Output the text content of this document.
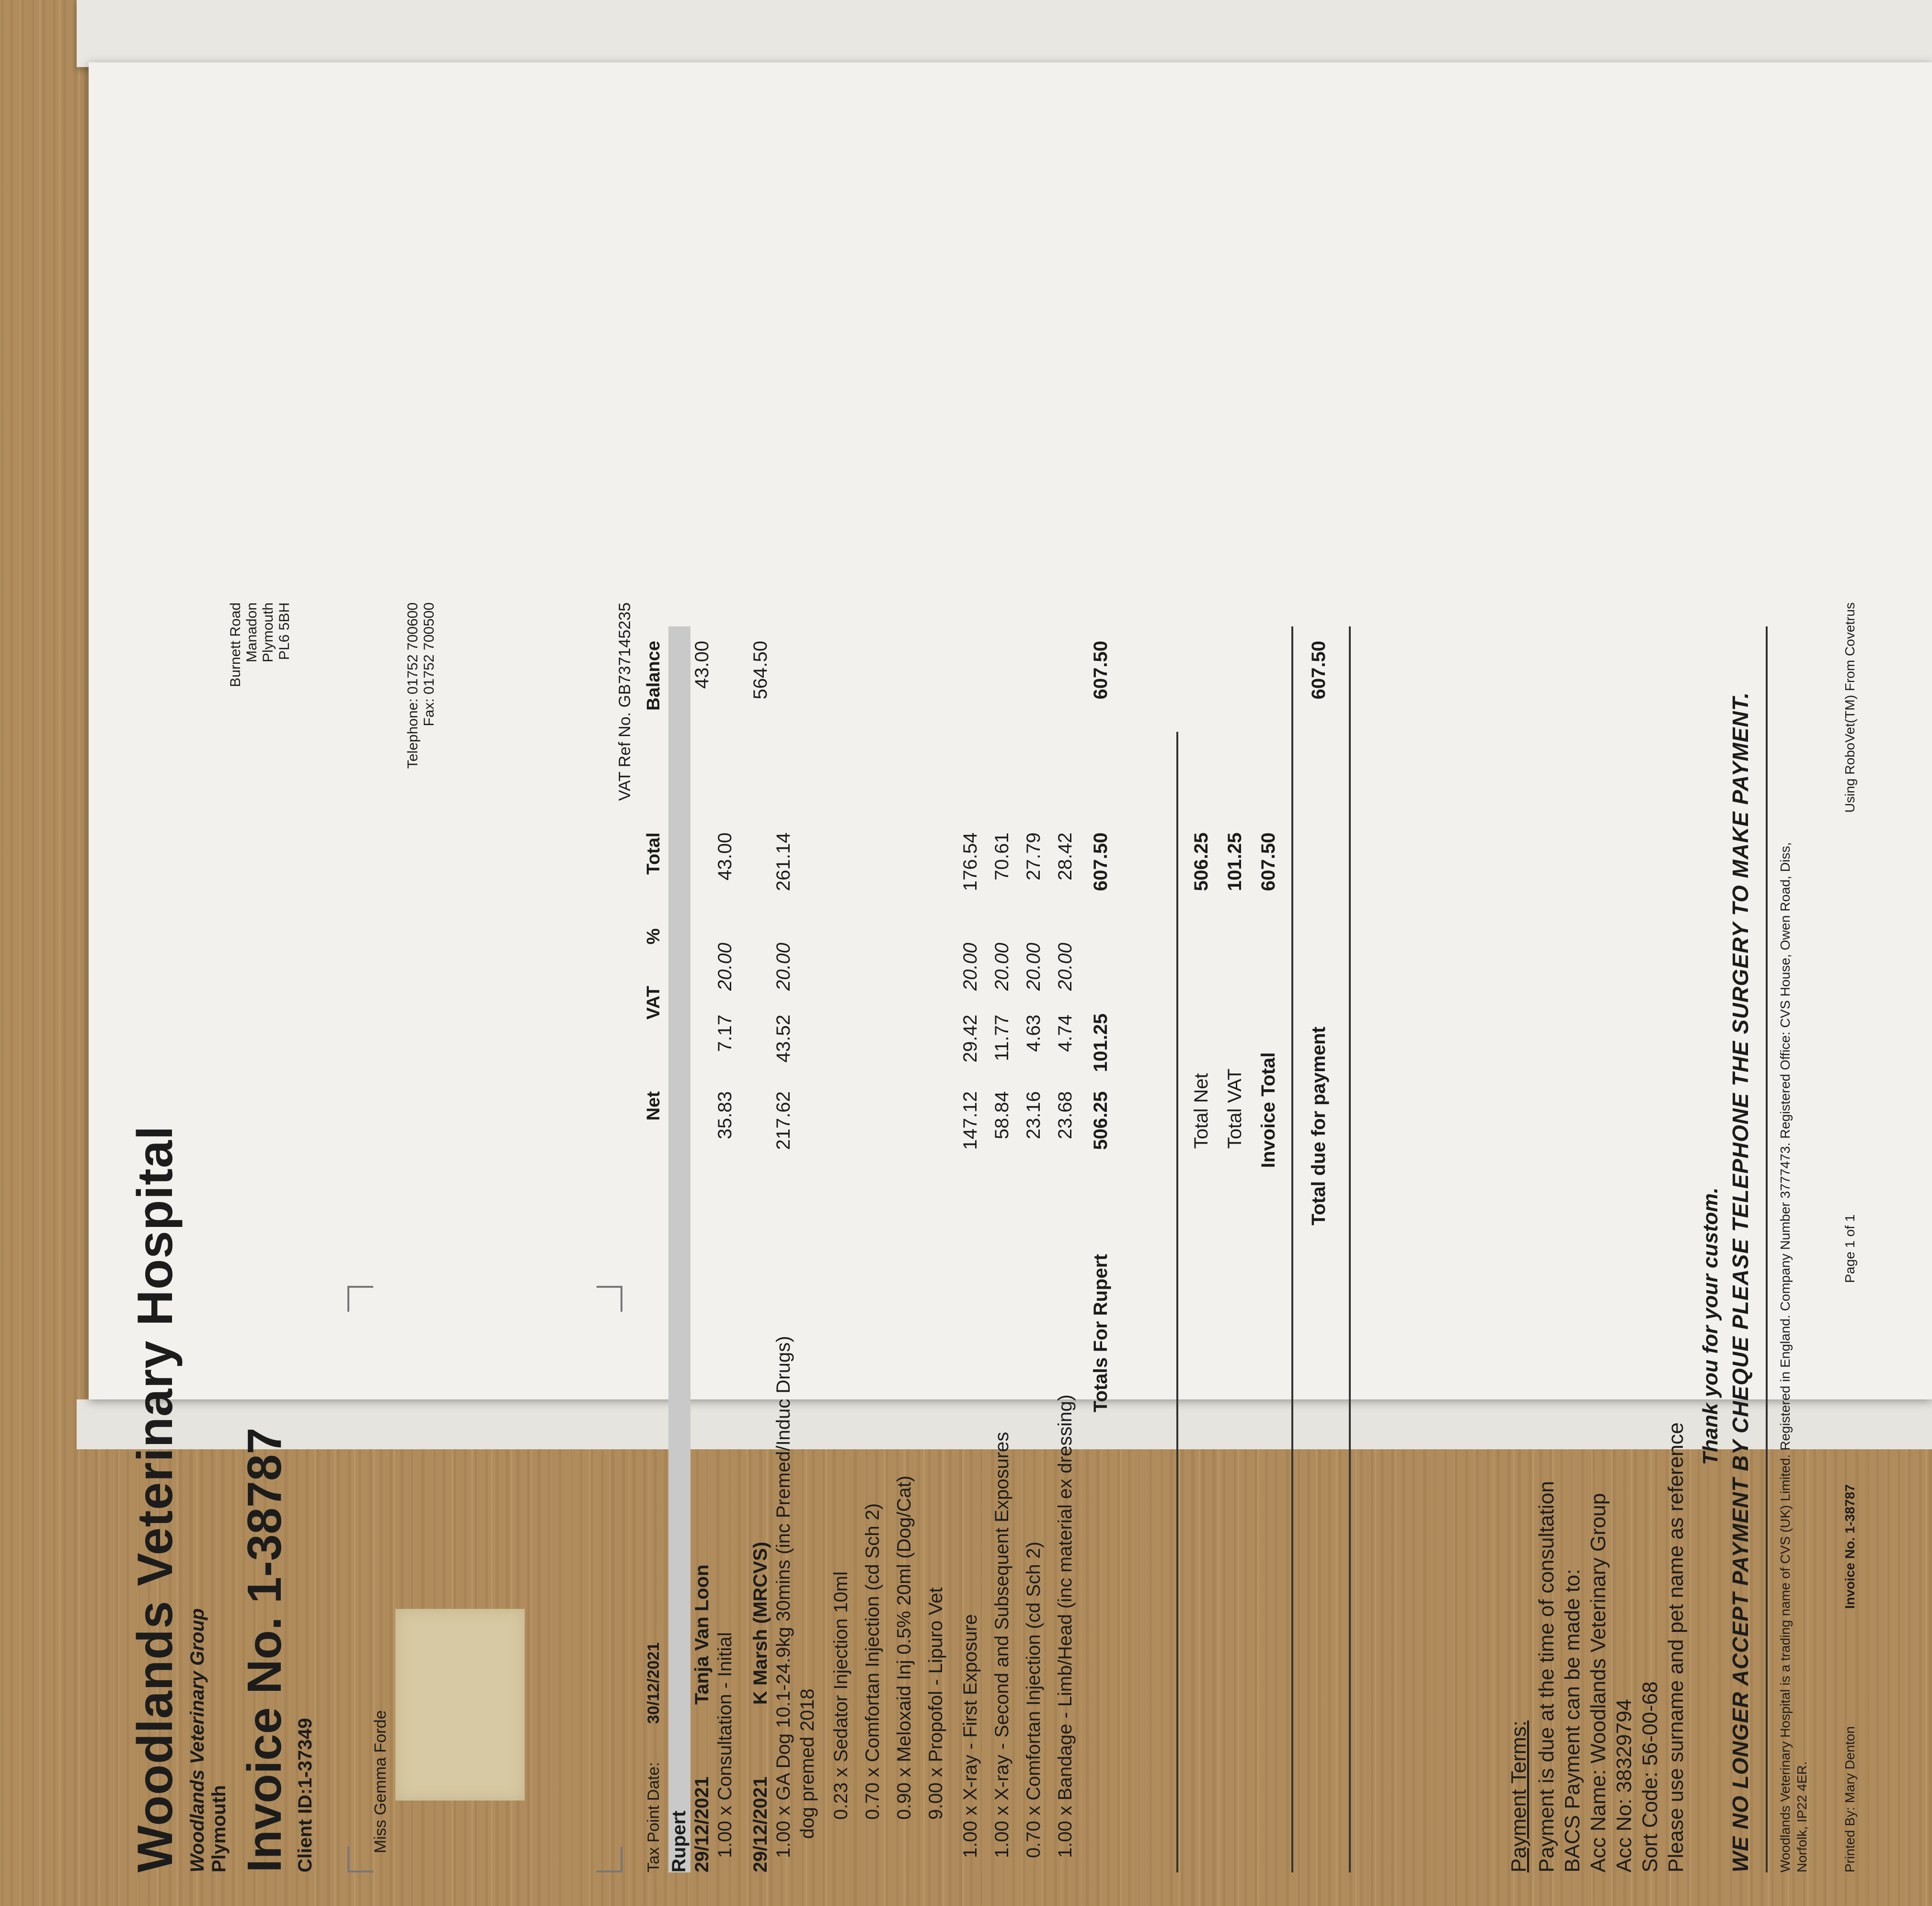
Woodlands Veterinary Hospital Woodlands Veterinary Group Plymouth Invoice No. 1-38787 Client ID:1-37349
Burnett Road Manadon Plymouth PL6 5BH	Telephone: 01752 700600 Fax: 01752 700500
Miss Gemma Forde	Tax Point Date:
30/12/2021
VAT Ref No. GB737145235
Net
VAT
%
Total
Balance
Rupert 29/12/2021
Tanja Van Loon
43.00
1.00 x Consultation - Initial
35.83
7.17
20.00
43.00
29/12/2021
K Marsh (MRCVS)
564.50
1.00 x GA Dog 10.1-24.9kg 30mins (inc Premed/Induc Drugs)
217.62
43.52
20.00
261.14
dog premed 2018 0.23 x Sedator Injection 10ml 0.70 x Comfortan Injection (cd Sch 2) 0.90 x Meloxaid Inj 0.5% 20ml (Dog/Cat) 9.00 x Propofol - Lipuro Vet 1.00 x X-ray - First Exposure
147.12
29.42
20.00
176.54
1.00 x X-ray - Second and Subsequent Exposures
58.84
11.77
20.00
70.61
0.70 x Comfortan Injection (cd Sch 2)
23.16
4.63
20.00
27.79
1.00 x Bandage - Limb/Head (inc material ex dressing)
23.68
4.74
20.00
28.42
Totals For Rupert
506.25
101.25
607.50
607.50
Total Net
506.25
Total VAT
101.25
Invoice Total
607.50
Total due for payment
607.50
Payment Terms: Payment is due at the time of consultation BACS Payment can be made to: Acc Name: Woodlands Veterinary Group Acc No: 38329794 Sort Code: 56-00-68 Please use surname and pet name as reference
Thank you for your custom. WE NO LONGER ACCEPT PAYMENT BY CHEQUE PLEASE TELEPHONE THE SURGERY TO MAKE PAYMENT. Woodlands Veterinary Hospital is a trading name of CVS (UK) Limited. Registered in England. Company Number 3777473. Registered Office: CVS House, Owen Road, Diss, Norfolk, IP22 4ER. Printed By: Mary Denton
Invoice No. 1-38787
Page 1 of 1
Using RoboVet(TM) From Covetrus
